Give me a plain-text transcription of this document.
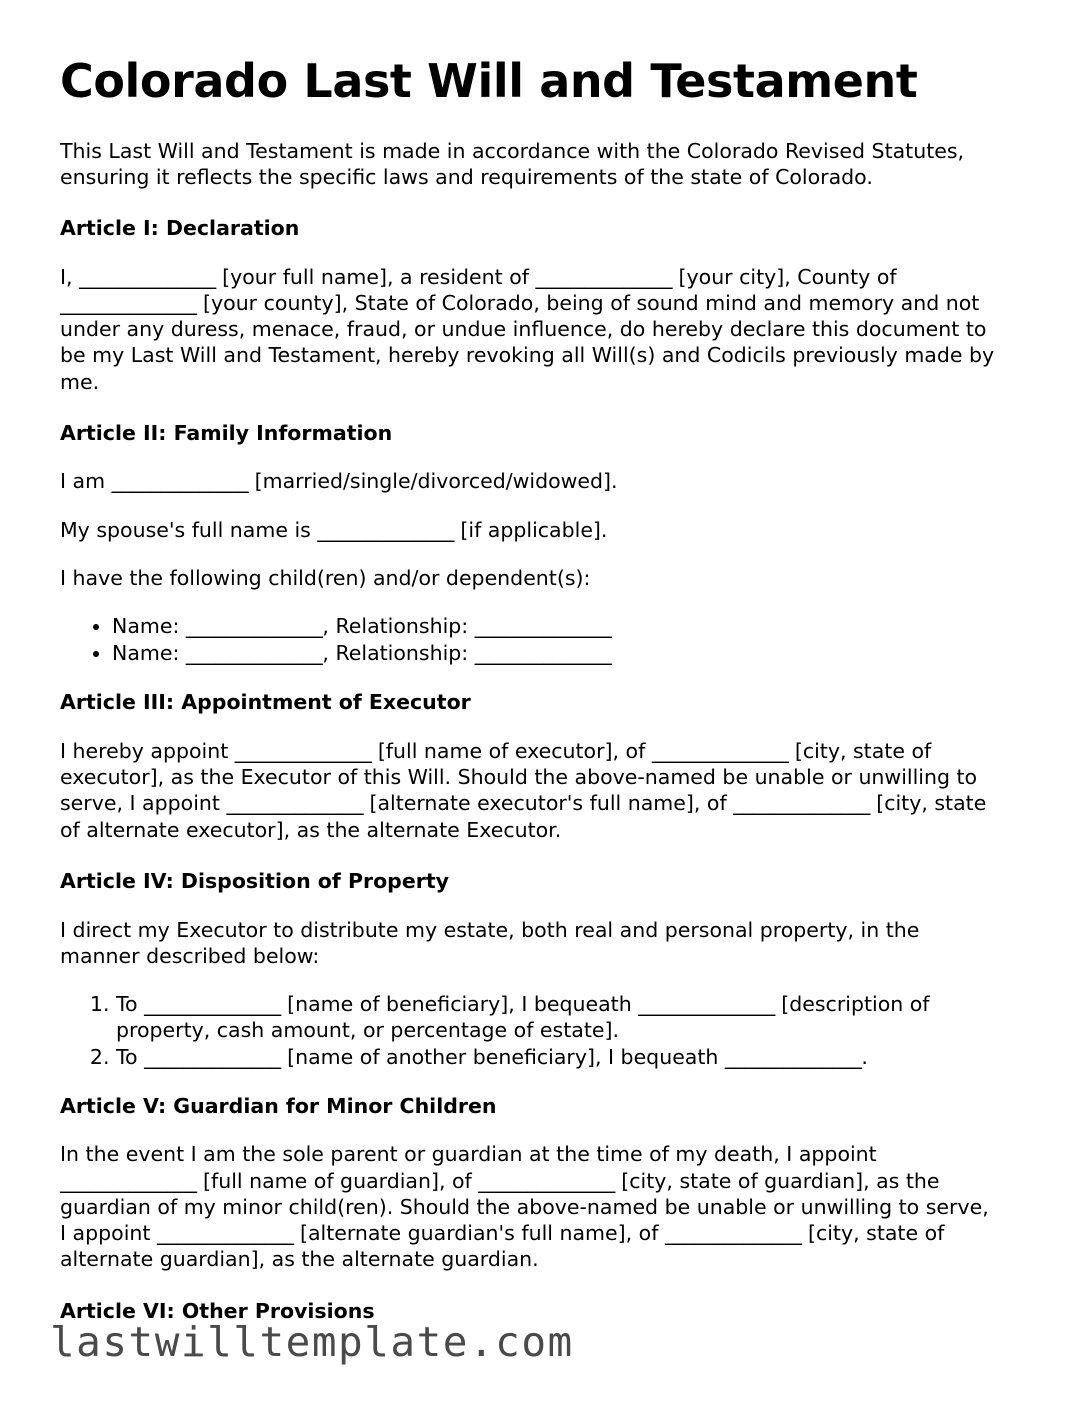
Colorado Last Will and Testament

This Last Will and Testament is made in accordance with the Colorado Revised Statutes, ensuring it reflects the specific laws and requirements of the state of Colorado.

Article I: Declaration

I, ______________ [your full name], a resident of ______________ [your city], County of ______________ [your county], State of Colorado, being of sound mind and memory and not under any duress, menace, fraud, or undue influence, do hereby declare this document to be my Last Will and Testament, hereby revoking all Will(s) and Codicils previously made by me.

Article II: Family Information

I am ______________ [married/single/divorced/widowed].

My spouse's full name is ______________ [if applicable].

I have the following child(ren) and/or dependent(s):

• Name: ______________, Relationship: ______________
• Name: ______________, Relationship: ______________
Article III: Appointment of Executor

I hereby appoint ______________ [full name of executor], of ______________ [city, state of executor], as the Executor of this Will. Should the above-named be unable or unwilling to serve, I appoint ______________ [alternate executor's full name], of ______________ [city, state of alternate executor], as the alternate Executor.

Article IV: Disposition of Property

I direct my Executor to distribute my estate, both real and personal property, in the manner described below:

1. To ______________ [name of beneficiary], I bequeath ______________ [description of property, cash amount, or percentage of estate].
2. To ______________ [name of another beneficiary], I bequeath ______________.
Article V: Guardian for Minor Children

In the event I am the sole parent or guardian at the time of my death, I appoint ______________ [full name of guardian], of ______________ [city, state of guardian], as the guardian of my minor child(ren). Should the above-named be unable or unwilling to serve, I appoint ______________ [alternate guardian's full name], of ______________ [city, state of alternate guardian], as the alternate guardian.

Article VI: Other Provisions
lastwilltemplate.com
